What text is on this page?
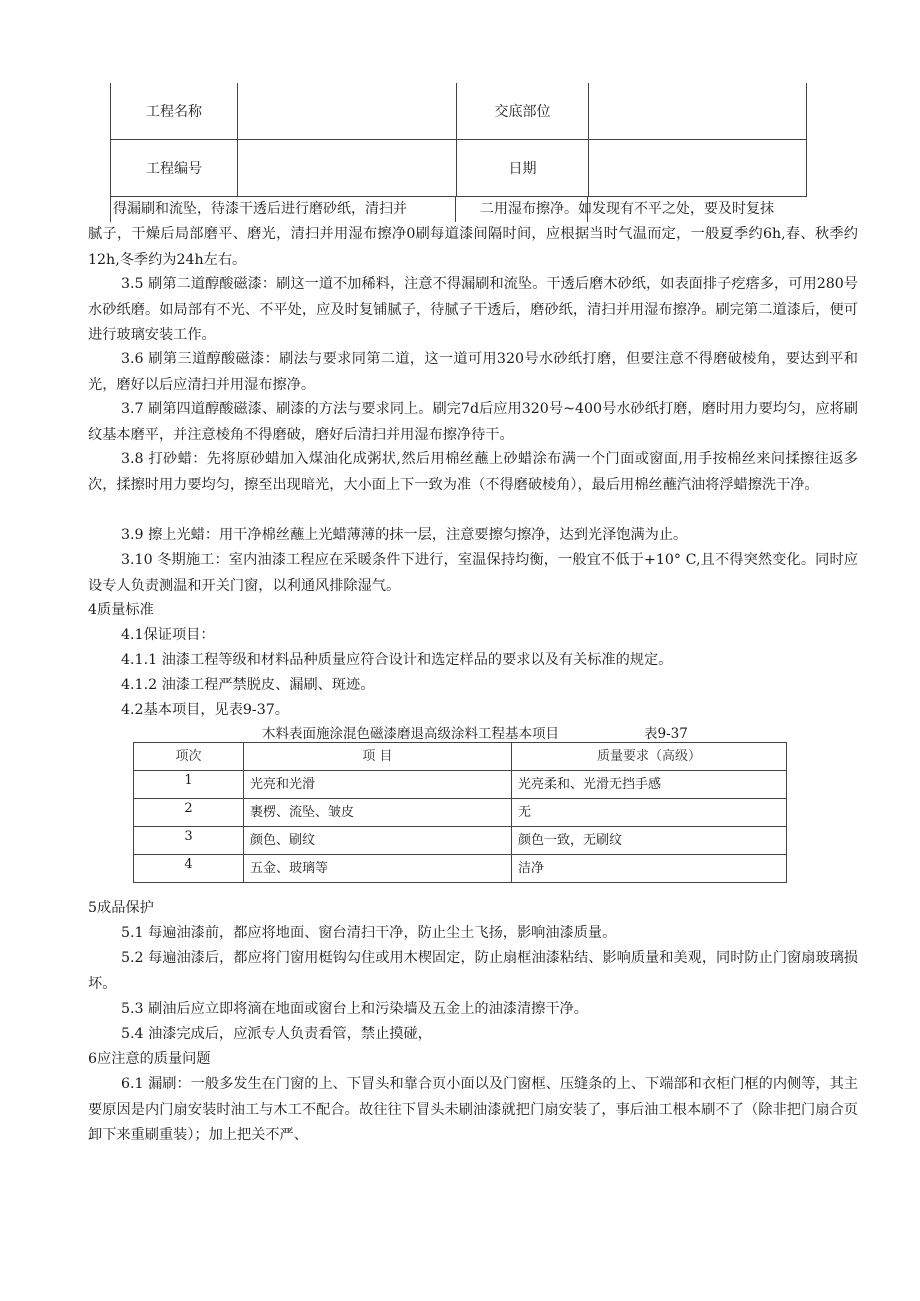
工程名称		交底部位	
工程编号		日期	
得漏刷和流坠，待漆干透后进行磨砂纸，清扫并	二用湿布擦净。如发现有不平之处，要及时复抹
腻子，干燥后局部磨平、磨光，清扫并用湿布擦净0刷每道漆间隔时间，应根据当时气温而定，一般夏季约6h,春、秋季约12h,冬季约为24h左右。
3.5 刷第二道醇酸磁漆：刷这一道不加稀料，注意不得漏刷和流坠。干透后磨木砂纸，如表面排子疙瘩多，可用280号水砂纸磨。如局部有不光、不平处，应及时复铺腻子，待腻子干透后，磨砂纸，清扫并用湿布擦净。刷完第二道漆后，便可进行玻璃安装工作。
3.6 刷第三道醇酸磁漆：刷法与要求同第二道，这一道可用320号水砂纸打磨，但要注意不得磨破棱角，要达到平和光，磨好以后应清扫并用湿布擦净。
3.7 刷第四道醇酸磁漆、刷漆的方法与要求同上。刷完7d后应用320号~400号水砂纸打磨，磨时用力要均匀，应将刷纹基本磨平，并注意棱角不得磨破，磨好后清扫并用湿布擦净待干。
3.8 打砂蜡：先将原砂蜡加入煤油化成粥状,然后用棉丝蘸上砂蜡涂布满一个门面或窗面,用手按棉丝来问揉擦往返多次，揉擦时用力要均匀，擦至出现暗光，大小面上下一致为准（不得磨破棱角），最后用棉丝蘸汽油将浮蜡擦洗干净。
3.9 擦上光蜡：用干净棉丝蘸上光蜡薄薄的抹一层，注意要擦匀擦净，达到光泽饱满为止。
3.10 冬期施工：室内油漆工程应在采暖条件下进行，室温保持均衡，一般宜不低于+10° C,且不得突然变化。同时应设专人负责测温和开关门窗，以利通风排除湿气。
4质量标准
4.1保证项目：
4.1.1 油漆工程等级和材料品种质量应符合设计和选定样品的要求以及有关标准的规定。
4.1.2 油漆工程严禁脱皮、漏刷、斑迹。
4.2基本项目，见表9-37。
木料表面施涂混色磁漆磨退高级涂料工程基本项目	表9-37
项次	项 目	质量要求（高级）
1	光亮和光滑	光亮柔和、光滑无挡手感
2	裹楞、流坠、皱皮	无
3	颜色、刷纹	颜色一致，无刷纹
4	五金、玻璃等	洁净
5成品保护
5.1 每遍油漆前，都应将地面、窗台清扫干净，防止尘土飞扬，影响油漆质量。
5.2 每遍油漆后，都应将门窗用梃钩勾住或用木楔固定，防止扇框油漆粘结、影响质量和美观，同时防止门窗扇玻璃损坏。
5.3 刷油后应立即将滴在地面或窗台上和污染墙及五金上的油漆清擦干净。
5.4 油漆完成后，应派专人负责看管，禁止摸碰，
6应注意的质量问题
6.1 漏刷：一般多发生在门窗的上、下冒头和靠合页小面以及门窗框、压缝条的上、下端部和衣柜门框的内侧等，其主要原因是内门扇安装时油工与木工不配合。故往往下冒头未刷油漆就把门扇安装了，事后油工根本刷不了（除非把门扇合页卸下来重刷重装）；加上把关不严、
